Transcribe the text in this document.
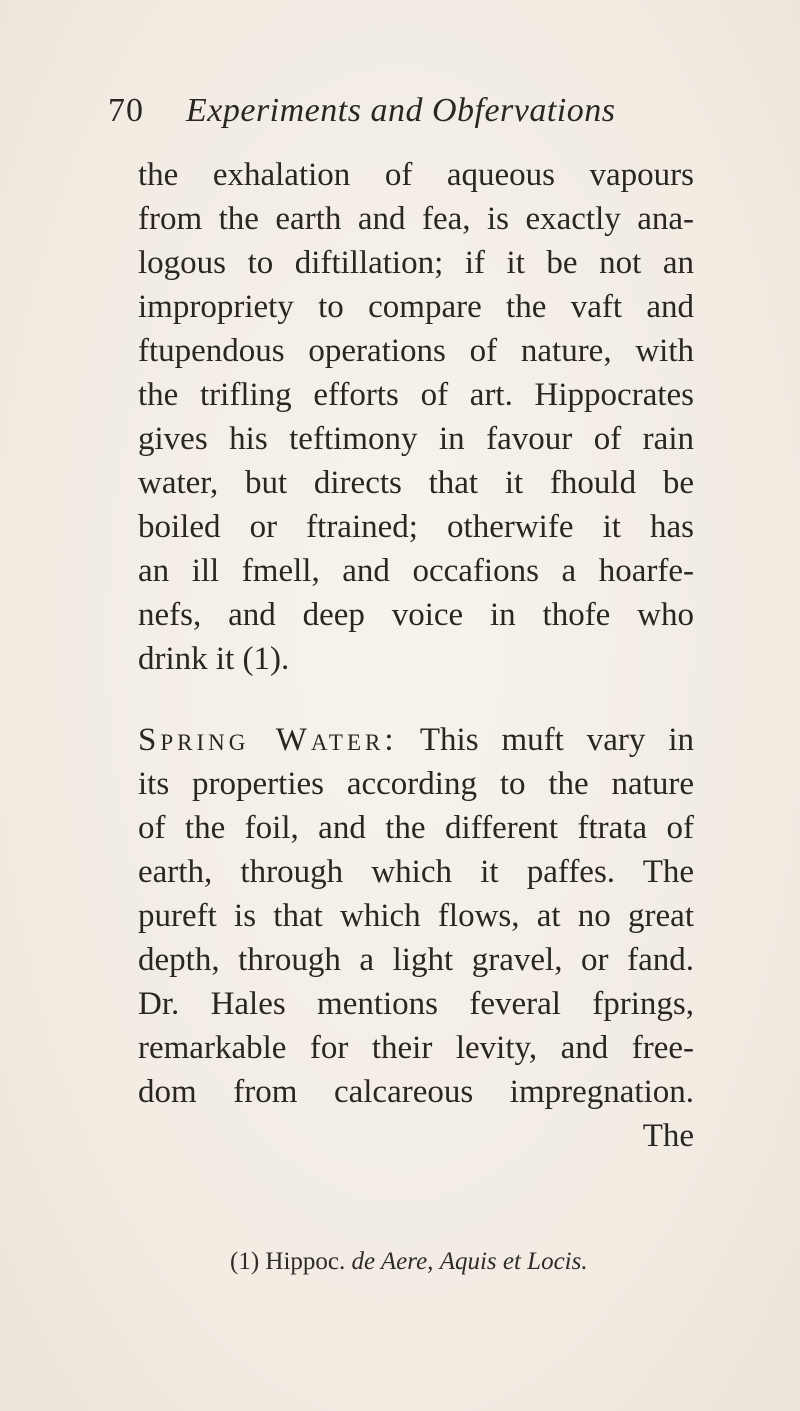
70 Experiments and Obfervations
the exhalation of aqueous vapours
from the earth and fea, is exactly ana-
logous to diftillation; if it be not an
impropriety to compare the vaft and
ftupendous operations of nature, with
the trifling efforts of art. Hippocrates
gives his teftimony in favour of rain
water, but directs that it fhould be
boiled or ftrained; otherwife it has
an ill fmell, and occafions a hoarfe-
nefs, and deep voice in thofe who
drink it (1).
Spring Water: This muft vary in
its properties according to the nature
of the foil, and the different ftrata of
earth, through which it paffes. The
pureft is that which flows, at no great
depth, through a light gravel, or fand.
Dr. Hales mentions feveral fprings,
remarkable for their levity, and free-
dom from calcareous impregnation.
The
(1) Hippoc. de Aere, Aquis et Locis.
